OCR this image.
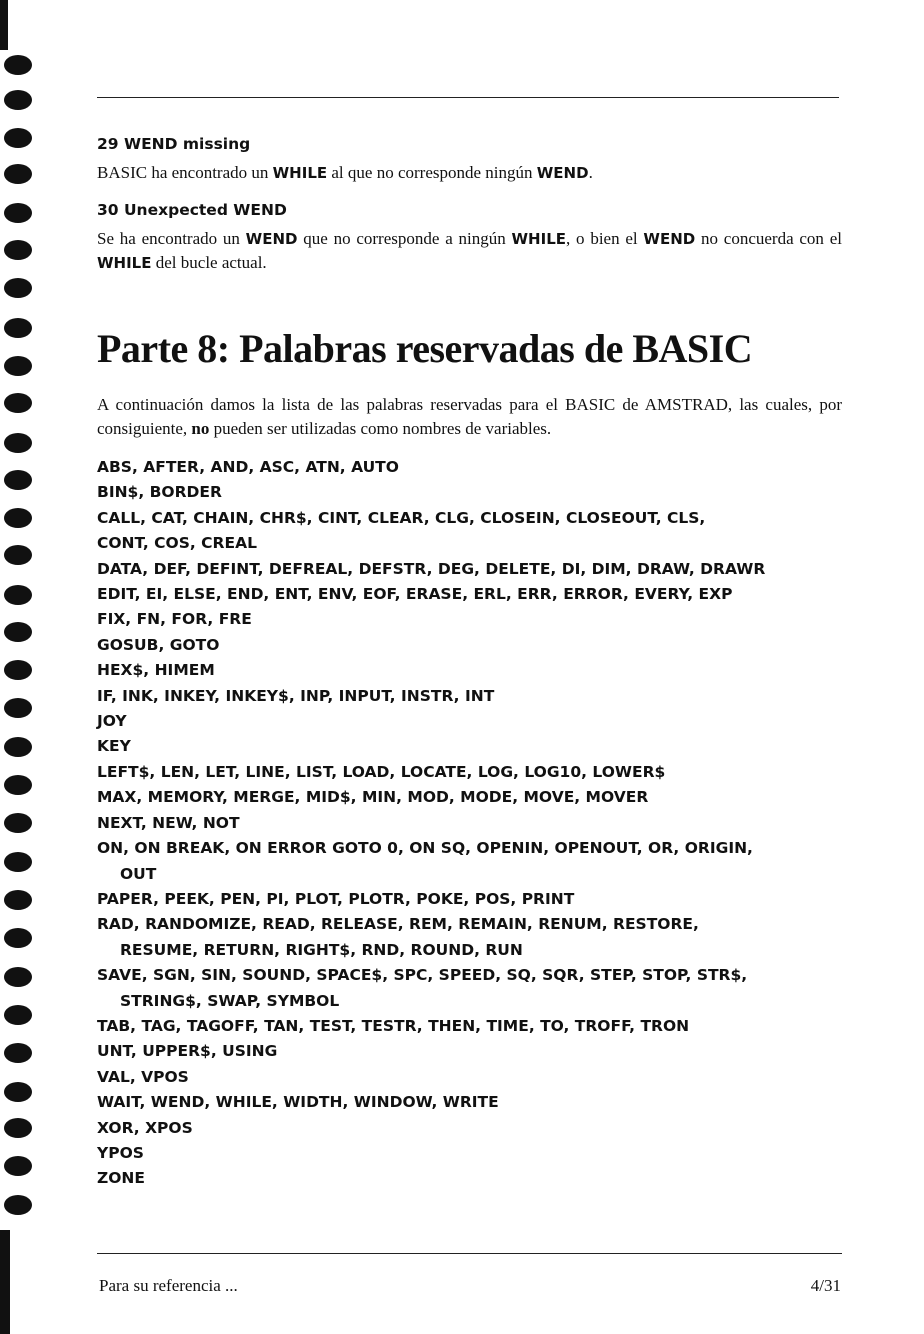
29 WEND missing

BASIC ha encontrado un WHILE al que no corresponde ningún WEND.

30 Unexpected WEND

Se ha encontrado un WEND que no corresponde a ningún WHILE, o bien el WEND no concuerda con el WHILE del bucle actual.

Parte 8: Palabras reservadas de BASIC

A continuación damos la lista de las palabras reservadas para el BASIC de AMSTRAD, las cuales, por consiguiente, no pueden ser utilizadas como nombres de variables.

ABS, AFTER, AND, ASC, ATN, AUTO
BIN$, BORDER
CALL, CAT, CHAIN, CHR$, CINT, CLEAR, CLG, CLOSEIN, CLOSEOUT, CLS,
CONT, COS, CREAL
DATA, DEF, DEFINT, DEFREAL, DEFSTR, DEG, DELETE, DI, DIM, DRAW, DRAWR
EDIT, EI, ELSE, END, ENT, ENV, EOF, ERASE, ERL, ERR, ERROR, EVERY, EXP
FIX, FN, FOR, FRE
GOSUB, GOTO
HEX$, HIMEM
IF, INK, INKEY, INKEY$, INP, INPUT, INSTR, INT
JOY
KEY
LEFT$, LEN, LET, LINE, LIST, LOAD, LOCATE, LOG, LOG10, LOWER$
MAX, MEMORY, MERGE, MID$, MIN, MOD, MODE, MOVE, MOVER
NEXT, NEW, NOT
ON, ON BREAK, ON ERROR GOTO 0, ON SQ, OPENIN, OPENOUT, OR, ORIGIN,
OUT
PAPER, PEEK, PEN, PI, PLOT, PLOTR, POKE, POS, PRINT
RAD, RANDOMIZE, READ, RELEASE, REM, REMAIN, RENUM, RESTORE,
RESUME, RETURN, RIGHT$, RND, ROUND, RUN
SAVE, SGN, SIN, SOUND, SPACE$, SPC, SPEED, SQ, SQR, STEP, STOP, STR$,
STRING$, SWAP, SYMBOL
TAB, TAG, TAGOFF, TAN, TEST, TESTR, THEN, TIME, TO, TROFF, TRON
UNT, UPPER$, USING
VAL, VPOS
WAIT, WEND, WHILE, WIDTH, WINDOW, WRITE
XOR, XPOS
YPOS
ZONE
Para su referencia ...	4/31
